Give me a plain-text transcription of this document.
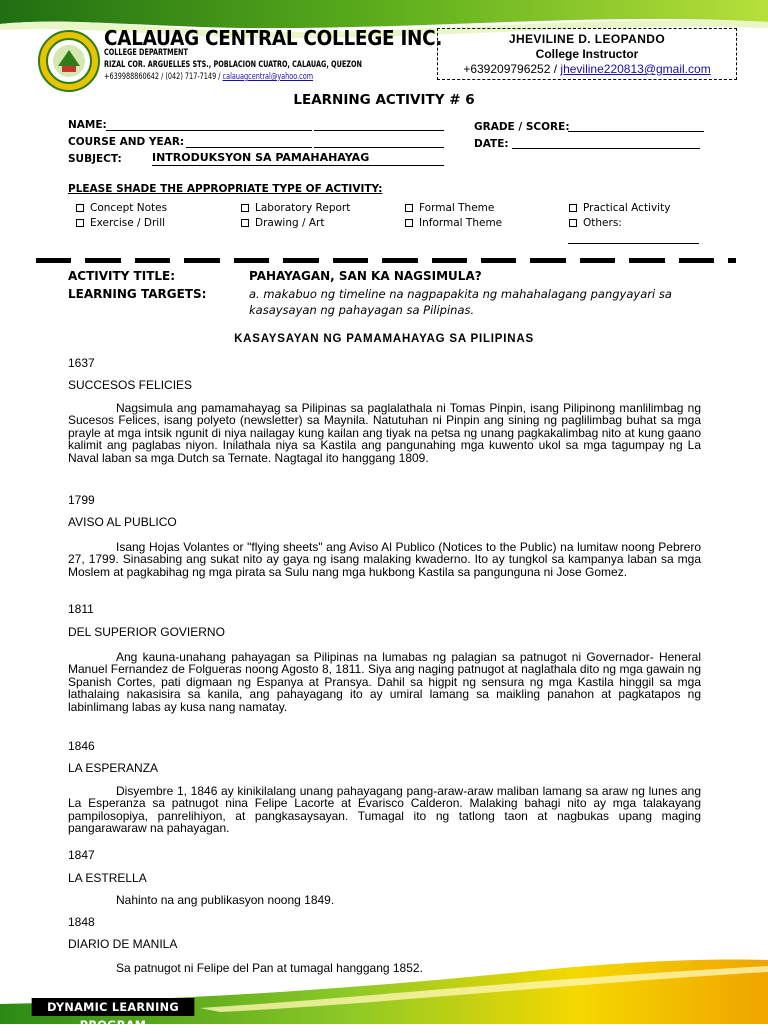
CALAUAG CENTRAL COLLEGE INC.
COLLEGE DEPARTMENT
RIZAL COR. ARGUELLES STS., POBLACION CUATRO, CALAUAG, QUEZON
+639988860642 / (042) 717-7149 / calauagcentral@yahoo.com
JHEVILINE D. LEOPANDO
College Instructor
+639209796252 / jheviline220813@gmail.com
LEARNING ACTIVITY # 6
NAME:
COURSE AND YEAR:
SUBJECT:	INTRODUKSYON SA PAMAHAHAYAG
GRADE / SCORE:
DATE:
PLEASE SHADE THE APPROPRIATE TYPE OF ACTIVITY:
Concept Notes
Exercise / Drill
Laboratory Report
Drawing / Art
Formal Theme
Informal Theme
Practical Activity
Others:
ACTIVITY TITLE:	PAHAYAGAN, SAN KA NAGSIMULA?
LEARNING TARGETS:	a. makabuo ng timeline na nagpapakita ng mahahalagang pangyayari sa kasaysayan ng pahayagan sa Pilipinas.
KASAYSAYAN NG PAMAMAHAYAG SA PILIPINAS
1637
SUCCESOS FELICIES
Nagsimula ang pamamahayag sa Pilipinas sa paglalathala ni Tomas Pinpin, isang Pilipinong manlilimbag ng Sucesos Felices, isang polyeto (newsletter) sa Maynila. Natutuhan ni Pinpin ang sining ng paglilimbag buhat sa mga prayle at mga intsik ngunit di niya nailagay kung kailan ang tiyak na petsa ng unang pagkakalimbag nito at kung gaano kalimit ang paglabas niyon. Inilathala niya sa Kastila ang pangunahing mga kuwento ukol sa mga tagumpay ng La Naval laban sa mga Dutch sa Ternate. Nagtagal ito hanggang 1809.
1799
AVISO AL PUBLICO
Isang Hojas Volantes or "flying sheets" ang Aviso Al Publico (Notices to the Public) na lumitaw noong Pebrero 27, 1799. Sinasabing ang sukat nito ay gaya ng isang malaking kwaderno. Ito ay tungkol sa kampanya laban sa mga Moslem at pagkabihag ng mga pirata sa Sulu nang mga hukbong Kastila sa pangunguna ni Jose Gomez.
1811
DEL SUPERIOR GOVIERNO
Ang kauna-unahang pahayagan sa Pilipinas na lumabas ng palagian sa patnugot ni Governador- Heneral Manuel Fernandez de Folgueras noong Agosto 8, 1811. Siya ang naging patnugot at naglathala dito ng mga gawain ng Spanish Cortes, pati digmaan ng Espanya at Pransya. Dahil sa higpit ng sensura ng mga Kastila hinggil sa mga lathalaing nakasisira sa kanila, ang pahayagang ito ay umiral lamang sa maikling panahon at pagkatapos ng labinlimang labas ay kusa nang namatay.
1846
LA ESPERANZA
Disyembre 1, 1846 ay kinikilalang unang pahayagang pang-araw-araw maliban lamang sa araw ng lunes ang La Esperanza sa patnugot nina Felipe Lacorte at Evarisco Calderon. Malaking bahagi nito ay mga talakayang pampilosopiya, panrelihiyon, at pangkasaysayan. Tumagal ito ng tatlong taon at nagbukas upang maging pangarawaraw na pahayagan.
1847
LA ESTRELLA
Nahinto na ang publikasyon noong 1849.
1848
DIARIO DE MANILA
Sa patnugot ni Felipe del Pan at tumagal hanggang 1852.
DYNAMIC LEARNING PROGRAM
